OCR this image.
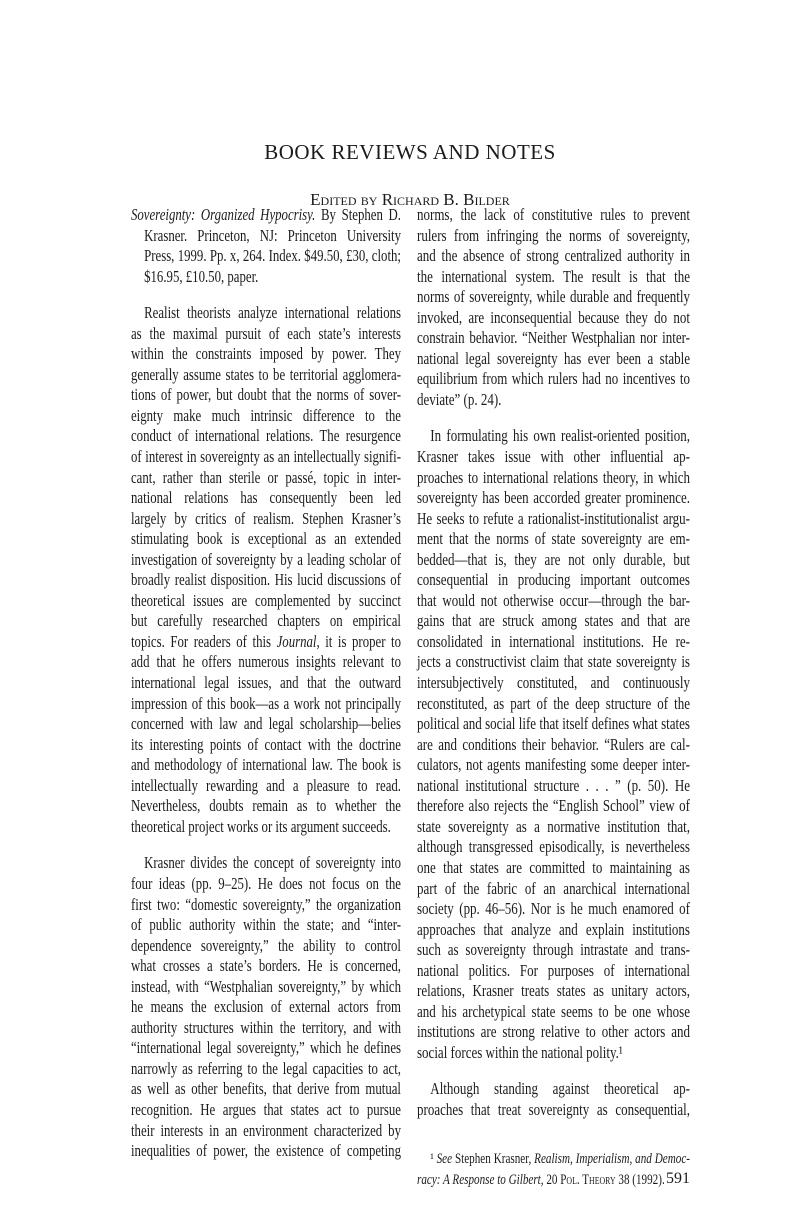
BOOK REVIEWS AND NOTES
Edited by Richard B. Bilder
Sovereignty: Organized Hypocrisy. By Stephen D.
Krasner. Princeton, NJ: Princeton University
Press, 1999. Pp. x, 264. Index. $49.50, £30, cloth;
$16.95, £10.50, paper.
Realist theorists analyze international relations
as the maximal pursuit of each state’s interests
within the constraints imposed by power. They
generally assume states to be territorial agglomera-
tions of power, but doubt that the norms of sover-
eignty make much intrinsic difference to the
conduct of international relations. The resurgence
of interest in sovereignty as an intellectually signifi-
cant, rather than sterile or passé, topic in inter-
national relations has consequently been led
largely by critics of realism. Stephen Krasner’s
stimulating book is exceptional as an extended
investigation of sovereignty by a leading scholar of
broadly realist disposition. His lucid discussions of
theoretical issues are complemented by succinct
but carefully researched chapters on empirical
topics. For readers of this Journal, it is proper to
add that he offers numerous insights relevant to
international legal issues, and that the outward
impression of this book—as a work not principally
concerned with law and legal scholarship—belies
its interesting points of contact with the doctrine
and methodology of international law. The book is
intellectually rewarding and a pleasure to read.
Nevertheless, doubts remain as to whether the
theoretical project works or its argument succeeds.
Krasner divides the concept of sovereignty into
four ideas (pp. 9–25). He does not focus on the
first two: “domestic sovereignty,” the organization
of public authority within the state; and “inter-
dependence sovereignty,” the ability to control
what crosses a state’s borders. He is concerned,
instead, with “Westphalian sovereignty,” by which
he means the exclusion of external actors from
authority structures within the territory, and with
“international legal sovereignty,” which he defines
narrowly as referring to the legal capacities to act,
as well as other benefits, that derive from mutual
recognition. He argues that states act to pursue
their interests in an environment characterized by
inequalities of power, the existence of competing
norms, the lack of constitutive rules to prevent
rulers from infringing the norms of sovereignty,
and the absence of strong centralized authority in
the international system. The result is that the
norms of sovereignty, while durable and frequently
invoked, are inconsequential because they do not
constrain behavior. “Neither Westphalian nor inter-
national legal sovereignty has ever been a stable
equilibrium from which rulers had no incentives to
deviate” (p. 24).
In formulating his own realist-oriented position,
Krasner takes issue with other influential ap-
proaches to international relations theory, in which
sovereignty has been accorded greater prominence.
He seeks to refute a rationalist-institutionalist argu-
ment that the norms of state sovereignty are em-
bedded—that is, they are not only durable, but
consequential in producing important outcomes
that would not otherwise occur—through the bar-
gains that are struck among states and that are
consolidated in international institutions. He re-
jects a constructivist claim that state sovereignty is
intersubjectively constituted, and continuously
reconstituted, as part of the deep structure of the
political and social life that itself defines what states
are and conditions their behavior. “Rulers are cal-
culators, not agents manifesting some deeper inter-
national institutional structure . . . ” (p. 50). He
therefore also rejects the “English School” view of
state sovereignty as a normative institution that,
although transgressed episodically, is nevertheless
one that states are committed to maintaining as
part of the fabric of an anarchical international
society (pp. 46–56). Nor is he much enamored of
approaches that analyze and explain institutions
such as sovereignty through intrastate and trans-
national politics. For purposes of international
relations, Krasner treats states as unitary actors,
and his archetypical state seems to be one whose
institutions are strong relative to other actors and
social forces within the national polity.¹
Although standing against theoretical ap-
proaches that treat sovereignty as consequential,
¹ See Stephen Krasner, Realism, Imperialism, and Democ-
racy: A Response to Gilbert, 20 Pol. Theory 38 (1992). 591
